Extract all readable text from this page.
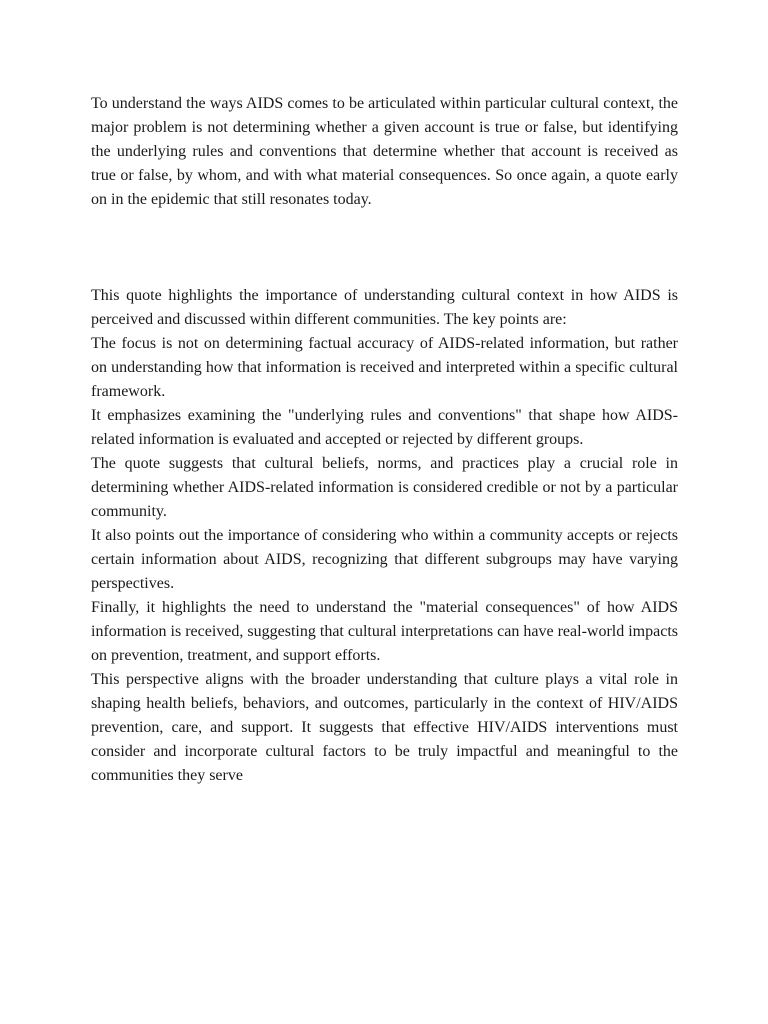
To understand the ways AIDS comes to be articulated within particular cultural context, the major problem is not determining whether a given account is true or false, but identifying the underlying rules and conventions that determine whether that account is received as true or false, by whom, and with what material consequences. So once again, a quote early on in the epidemic that still resonates today.

This quote highlights the importance of understanding cultural context in how AIDS is perceived and discussed within different communities. The key points are:

The focus is not on determining factual accuracy of AIDS-related information, but rather on understanding how that information is received and interpreted within a specific cultural framework.

It emphasizes examining the "underlying rules and conventions" that shape how AIDS-related information is evaluated and accepted or rejected by different groups.

The quote suggests that cultural beliefs, norms, and practices play a crucial role in determining whether AIDS-related information is considered credible or not by a particular community.

It also points out the importance of considering who within a community accepts or rejects certain information about AIDS, recognizing that different subgroups may have varying perspectives.

Finally, it highlights the need to understand the "material consequences" of how AIDS information is received, suggesting that cultural interpretations can have real-world impacts on prevention, treatment, and support efforts.

This perspective aligns with the broader understanding that culture plays a vital role in shaping health beliefs, behaviors, and outcomes, particularly in the context of HIV/AIDS prevention, care, and support. It suggests that effective HIV/AIDS interventions must consider and incorporate cultural factors to be truly impactful and meaningful to the communities they serve
